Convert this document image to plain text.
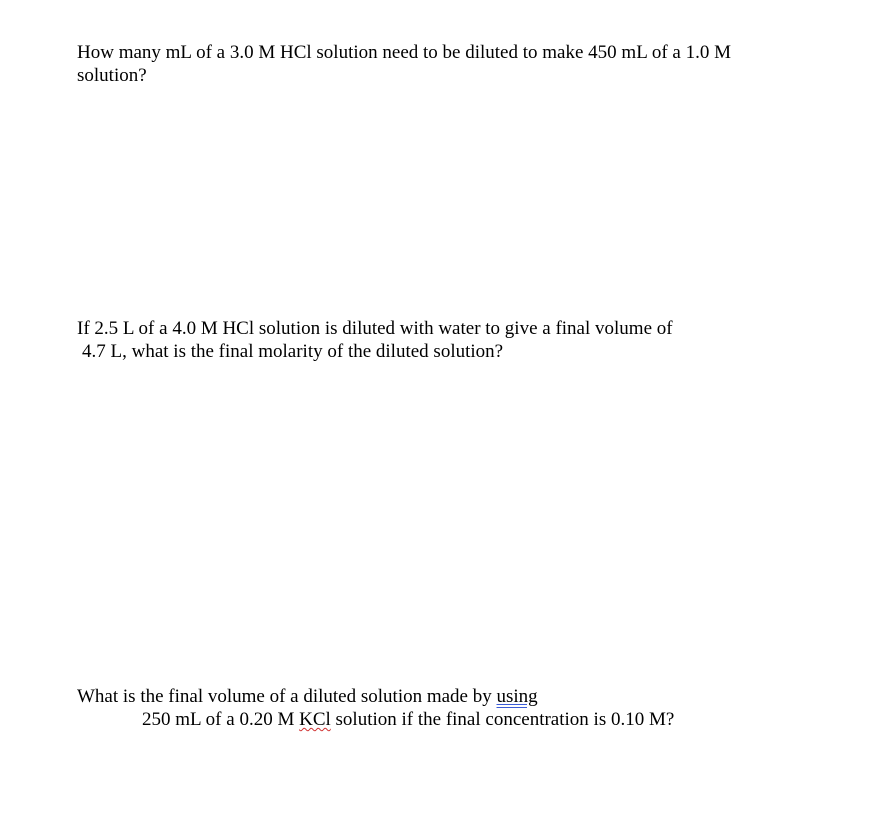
How many mL of a 3.0 M HCl solution need to be diluted to make 450 mL of a 1.0 M
solution?
If 2.5 L of a 4.0 M HCl solution is diluted with water to give a final volume of
4.7 L, what is the final molarity of the diluted solution?
What is the final volume of a diluted solution made by using
250 mL of a 0.20 M KCl solution if the final concentration is 0.10 M?
